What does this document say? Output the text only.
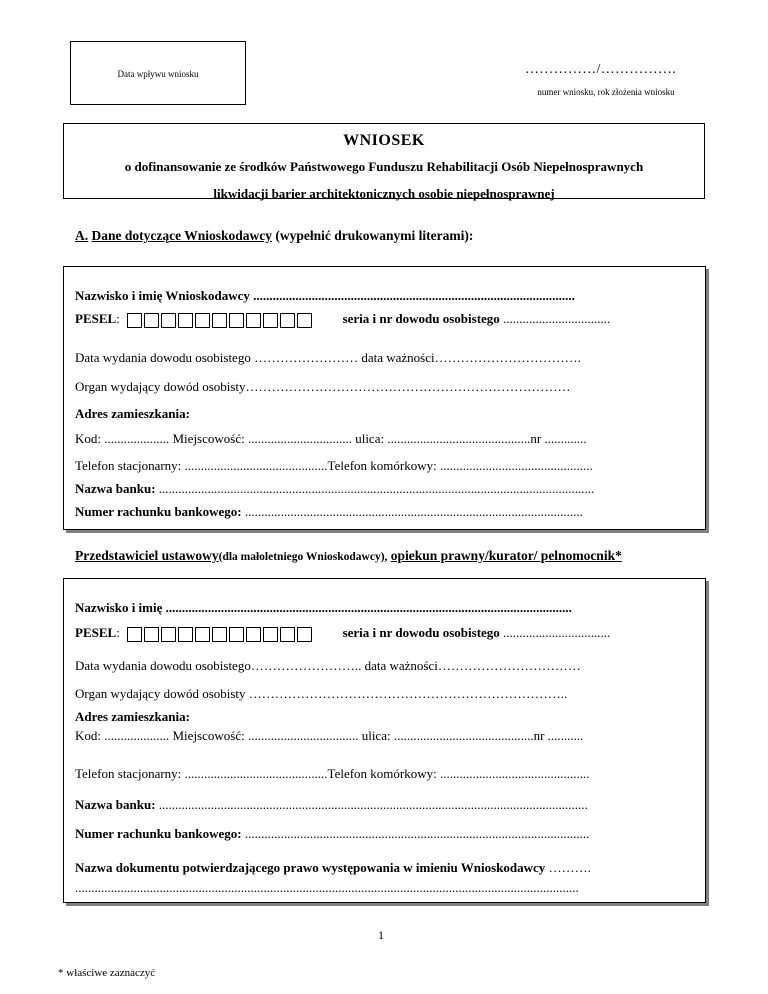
Data wpływu wniosku	……………/…………….
numer wniosku, rok złożenia wniosku
WNIOSEK
o dofinansowanie ze środków Państwowego Funduszu Rehabilitacji Osób Niepełnosprawnych
likwidacji barier architektonicznych osobie niepełnosprawnej
A. Dane dotyczące Wnioskodawcy (wypełnić drukowanymi literami):
Nazwisko i imię Wnioskodawcy ...................................................................................................
PESEL:	seria i nr dowodu osobistego .................................
Data wydania dowodu osobistego …………………… data ważności…………………………….
Organ wydający dowód osobisty…………………………………………………………………
Adres zamieszkania:
Kod: .................... Miejscowość: ................................ ulica: ............................................nr .............
Telefon stacjonarny: ............................................Telefon komórkowy: ...............................................
Nazwa banku: ......................................................................................................................................
Numer rachunku bankowego: ........................................................................................................
Przedstawiciel ustawowy(dla małoletniego Wnioskodawcy), opiekun prawny/kurator/ pelnomocnik*
Nazwisko i imię .............................................................................................................................
PESEL:	seria i nr dowodu osobistego .................................
Data wydania dowodu osobistego…………………….. data ważności……………………………
Organ wydający dowód osobisty ………………………………………………………………..
Adres zamieszkania:
Kod: .................... Miejscowość: .................................. ulica: ...........................................nr ...........
Telefon stacjonarny: ............................................Telefon komórkowy: ..............................................
Nazwa banku: ....................................................................................................................................
Numer rachunku bankowego: ..........................................................................................................
Nazwa dokumentu potwierdzającego prawo występowania w imieniu Wnioskodawcy ……….
...........................................................................................................................................................
1
* właściwe zaznaczyć
